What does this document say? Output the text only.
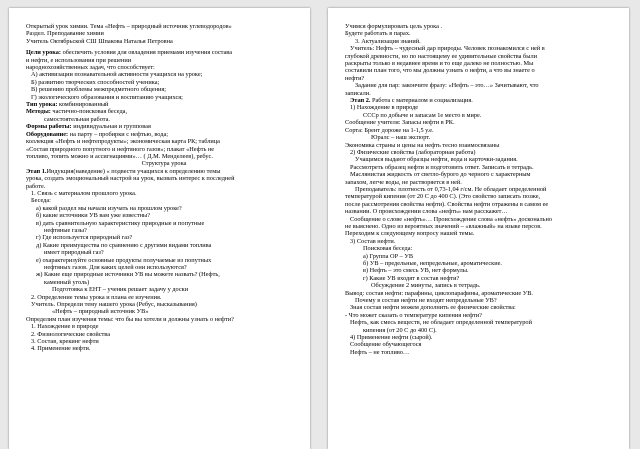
Открытый урок химии. Тема «Нефть – природный источник углеводородов»
Раздел. Преподавание химии
Учитель Октябрьской СШ Шпакова Наталья Петровна
Цели урока: обеспечить условия для овладения приемами изучения состава
и нефти, е использования при решении
народнохозяйственных задач, что способствует:
А) активизации познавательной активности учащихся на уроке;
Б) развитию творческих способностей ученика;
В) решению проблемы межпредметного общения;
Г) экологического образования и воспитанию учащихся;
Тип урока: комбинированный
Методы: частично-поисковая беседа,
самостоятельная работа.
Формы работы: индивидуальная и групповая
Оборудование: на парту – пробирки с нефтью, вода;
коллекция «Нефть и нефтепродукты»; экономическая карта РК; таблица
«Состав природного попутного и нефтяного газов»; плакат «Нефть не
топливо, топить можно и ассигнациями»… ( Д.М. Менделеев), ребус.
Структура урока
Этап 1.Индукция(наведение) « подвести учащихся к определению темы
урока, создать эмоциональный настрой на урок, вызвать интерес к последней
работе.
1. Связь с материалом прошлого урока.
Беседа:
а) какой раздел мы начали изучать на прошлом уроке?
б) какие источники УВ вам уже известны?
в) дать сравнительную характеристику природные и попутные
нефтяные газы?
г) Где используется природный газ?
д) Какие преимущества по сравнению с другими видами топлива
имеет природный газ?
е) охарактеризуйте основные продукты получаемые из попутных
нефтяных газов. Для каких целей они используются?
ж) Какие еще природные источники УВ вы можете назвать? (Нефть,
каменный уголь)
Подготовка к ЕНТ – ученик решает задачу у доски
2. Определение темы урока и плана ее изучения.
Учитель. Определи тему нашего урока (Ребус, высказывания)
«Нефть – природный источник УВ»
Определим план изучения темы: что бы вы хотели и должны узнать о нефти?
1. Нахождение в природе
2. Физиологические свойства
3. Состав, крекинг нефти
4. Применение нефти.
Учимся формулировать цель урока .
Будете работать в парах.
3. Актуализация знаний.
Учитель: Нефть – чудесный дар природы. Человек познакомился с ней в
глубокой древности, но по настоящему ее удивительные свойства были
раскрыты только в недавнее время и то еще далеко не полностью. Мы
составили план того, что мы должны узнать о нефти, а что вы знаете о
нефти?
Задание для пар: закончите фразу: «Нефть – это…» Зачитывают, что
записали.
Этап 2. Работа с материалом и социализация.
1) Нахождение в природе
СССр по добыче и запасам 1е место в мире.
Сообщение учителя: Запасы нефти в РК.
Сорта: Брент дороже на 1-1,5 у.е.
Юралс – наш экспорт.
Экономика страны и цены на нефть тесно взаимосвязаны
2) Физические свойства (лабораторная работа)
Учащимся выдают образцы нефти, вода и карточки-задания.
Рассмотреть образец нефти и подготовить ответ. Записать в тетрадь.
Маслянистая жидкость от светло-бурого до черного с характерным
запахом, легче воды, не растворяется в ней.
Преподаватель: плотность от 0,73-1,04 г/см. Не обладает определенной
температурой кипения (от 20 С до 400 С). (Это свойство записать позже,
после рассмотрения свойства нефти). Свойства нефти отражены в самом ее
названии. О происхождении слова «нефть» нам расскажет…
Сообщение о слове «нефть»… Происхождение слова «нефть» досконально
не выяснено. Одно из вероятных значений – «влажный» на языке персов.
Переходим к следующему вопросу нашей темы.
3) Состав нефти.
Поисковая беседа:
а) Группа ОР – УВ
б) УВ – предельные, непредельные, ароматические.
в) Нефть – это смесь УВ, нет формулы.
г) Какие УВ входят в состав нефти?
Обсуждение 2 минуты, запись в тетрадь.
Вывод: состав нефти: парафины, циклопарафины, ароматические УВ.
Почему в состав нефти не входят непредельные УВ?
Зная состав нефти можем дополнить ее физические свойства:
- Что может сказать о температуре кипения нефти?
Нефть, как смесь веществ, не обладает определенной температурой
кипения (от 20 С до 400 С).
4) Применение нефти (сырой).
Сообщение обучающегося
Нефть – не топливо…
